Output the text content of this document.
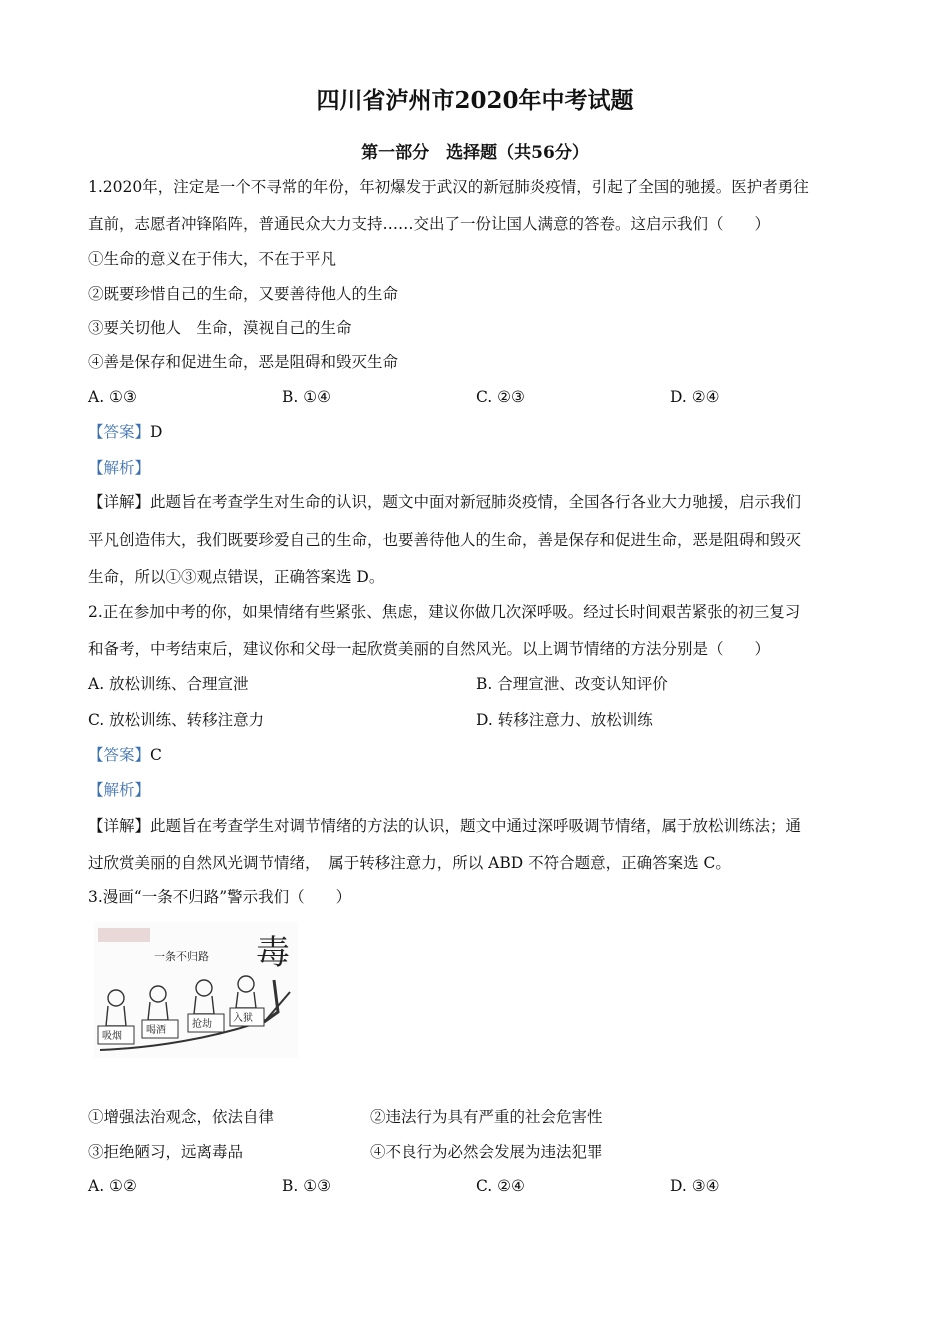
四川省泸州市2020年中考试题
第一部分　选择题（共56分）
1.2020年，注定是一个不寻常的年份，年初爆发于武汉的新冠肺炎疫情，引起了全国的驰援。医护者勇往
直前，志愿者冲锋陷阵，普通民众大力支持……交出了一份让国人满意的答卷。这启示我们（　　）
①生命的意义在于伟大，不在于平凡
②既要珍惜自己的生命，又要善待他人的生命
③要关切他人　生命，漠视自己的生命
④善是保存和促进生命，恶是阻碍和毁灭生命
A. ①③	B. ①④	C. ②③	D. ②④
【答案】D
【解析】
【详解】此题旨在考查学生对生命的认识，题文中面对新冠肺炎疫情，全国各行各业大力驰援，启示我们
平凡创造伟大，我们既要珍爱自己的生命，也要善待他人的生命，善是保存和促进生命，恶是阻碍和毁灭
生命，所以①③观点错误，正确答案选 D。
2.正在参加中考的你，如果情绪有些紧张、焦虑，建议你做几次深呼吸。经过长时间艰苦紧张的初三复习
和备考，中考结束后，建议你和父母一起欣赏美丽的自然风光。以上调节情绪的方法分别是（　　）
A. 放松训练、合理宣泄	B. 合理宣泄、改变认知评价
C. 放松训练、转移注意力	D. 转移注意力、放松训练
【答案】C
【解析】
【详解】此题旨在考查学生对调节情绪的方法的认识，题文中通过深呼吸调节情绪，属于放松训练法；通
过欣赏美丽的自然风光调节情绪，　属于转移注意力，所以 ABD 不符合题意，正确答案选 C。
3.漫画“一条不归路”警示我们（　　）
一条不归路 毒
吸烟
喝酒
抢劫
入狱
①增强法治观念，依法自律	②违法行为具有严重的社会危害性
③拒绝陋习，远离毒品	④不良行为必然会发展为违法犯罪
A. ①②	B. ①③	C. ②④	D. ③④
